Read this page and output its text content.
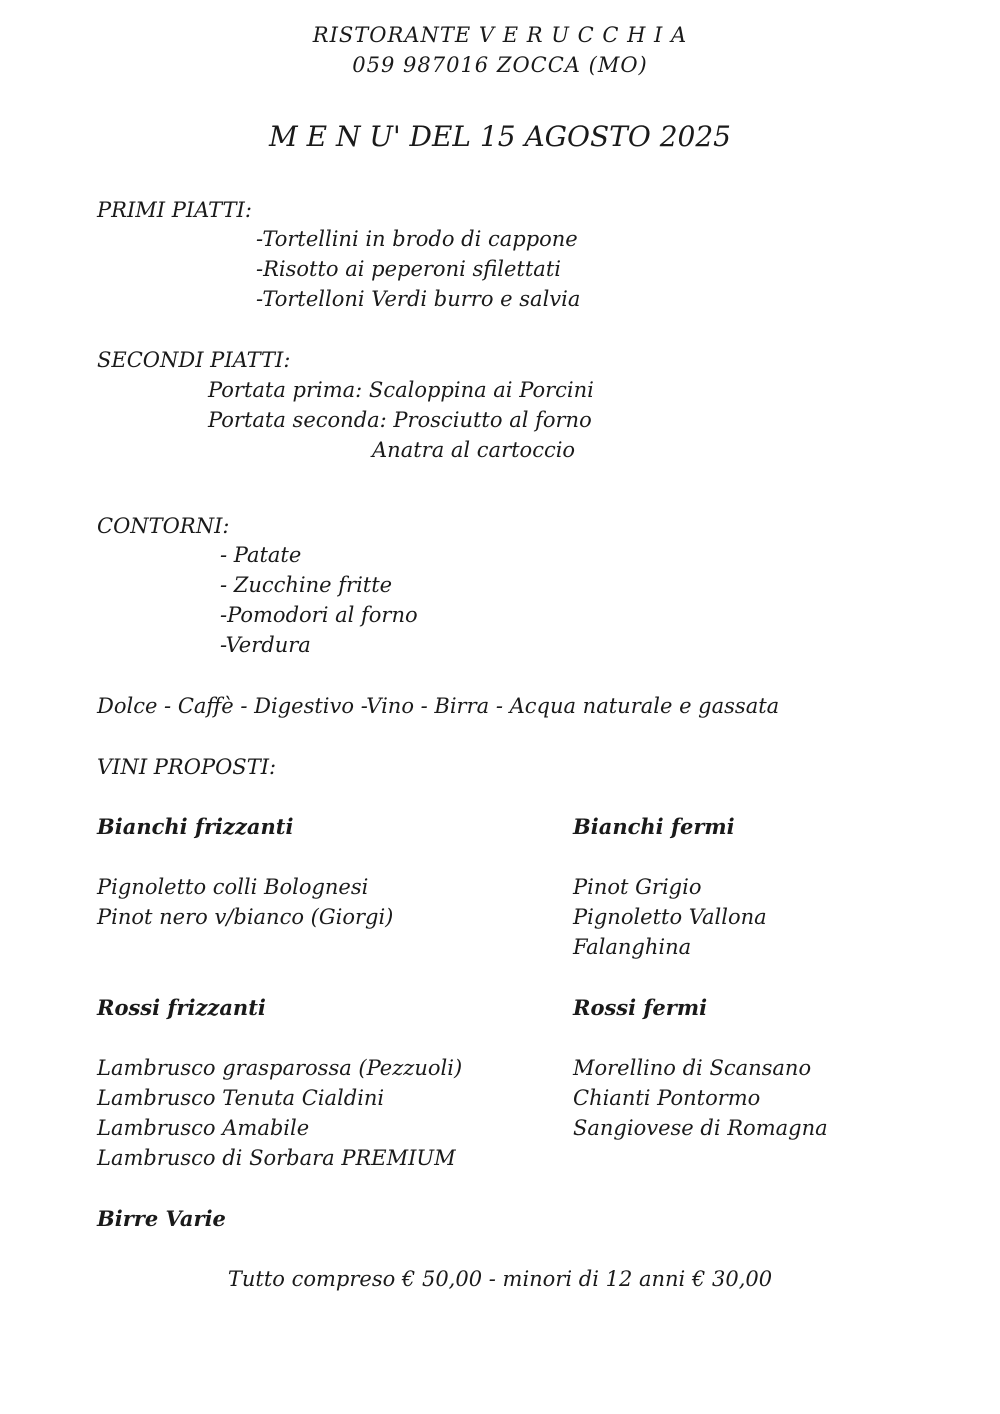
RISTORANTE V E R U C C H I A
059 987016 ZOCCA (MO)
M E N U' DEL 15 AGOSTO 2025
PRIMI PIATTI:
-Tortellini in brodo di cappone
-Risotto ai peperoni sfilettati
-Tortelloni Verdi burro e salvia
SECONDI PIATTI:
Portata prima: Scaloppina ai Porcini
Portata seconda: Prosciutto al forno
Anatra al cartoccio
CONTORNI:
- Patate
- Zucchine fritte
-Pomodori al forno
-Verdura
Dolce - Caffè - Digestivo -Vino - Birra - Acqua naturale e gassata
VINI PROPOSTI:
Bianchi frizzanti	Bianchi fermi
Pignoletto colli Bolognesi
Pinot nero v/bianco (Giorgi)
Pinot Grigio
Pignoletto Vallona
Falanghina
Rossi frizzanti	Rossi fermi
Lambrusco grasparossa (Pezzuoli)
Lambrusco Tenuta Cialdini
Lambrusco Amabile
Lambrusco di Sorbara PREMIUM
Morellino di Scansano
Chianti Pontormo
Sangiovese di Romagna
Birre Varie
Tutto compreso € 50,00 - minori di 12 anni € 30,00
